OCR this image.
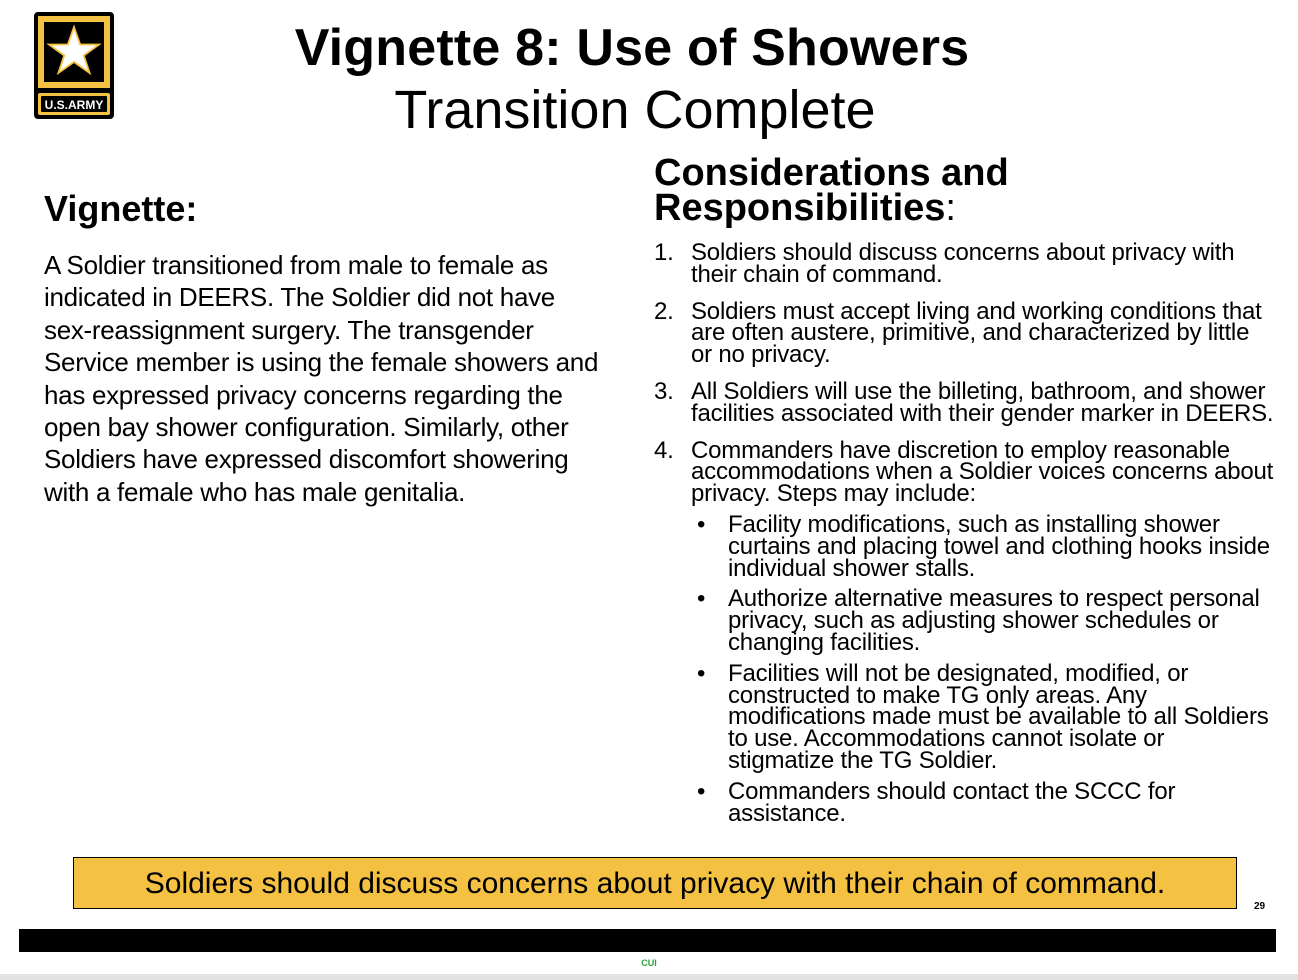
U.S.ARMY
Vignette 8: Use of Showers
Transition Complete
Vignette:
A Soldier transitioned from male to female as indicated in DEERS. The Soldier did not have sex-reassignment surgery. The transgender Service member is using the female showers and has expressed privacy concerns regarding the open bay shower configuration. Similarly, other Soldiers have expressed discomfort showering with a female who has male genitalia.
Considerations and Responsibilities:
1. Soldiers should discuss concerns about privacy with their chain of command.
2. Soldiers must accept living and working conditions that are often austere, primitive, and characterized by little or no privacy.
3. All Soldiers will use the billeting, bathroom, and shower facilities associated with their gender marker in DEERS.
4. Commanders have discretion to employ reasonable accommodations when a Soldier voices concerns about privacy. Steps may include:
• Facility modifications, such as installing shower curtains and placing towel and clothing hooks inside individual shower stalls.
• Authorize alternative measures to respect personal privacy, such as adjusting shower schedules or changing facilities.
• Facilities will not be designated, modified, or constructed to make TG only areas. Any modifications made must be available to all Soldiers to use. Accommodations cannot isolate or stigmatize the TG Soldier.
• Commanders should contact the SCCC for assistance.
Soldiers should discuss concerns about privacy with their chain of command.
29
CUI
